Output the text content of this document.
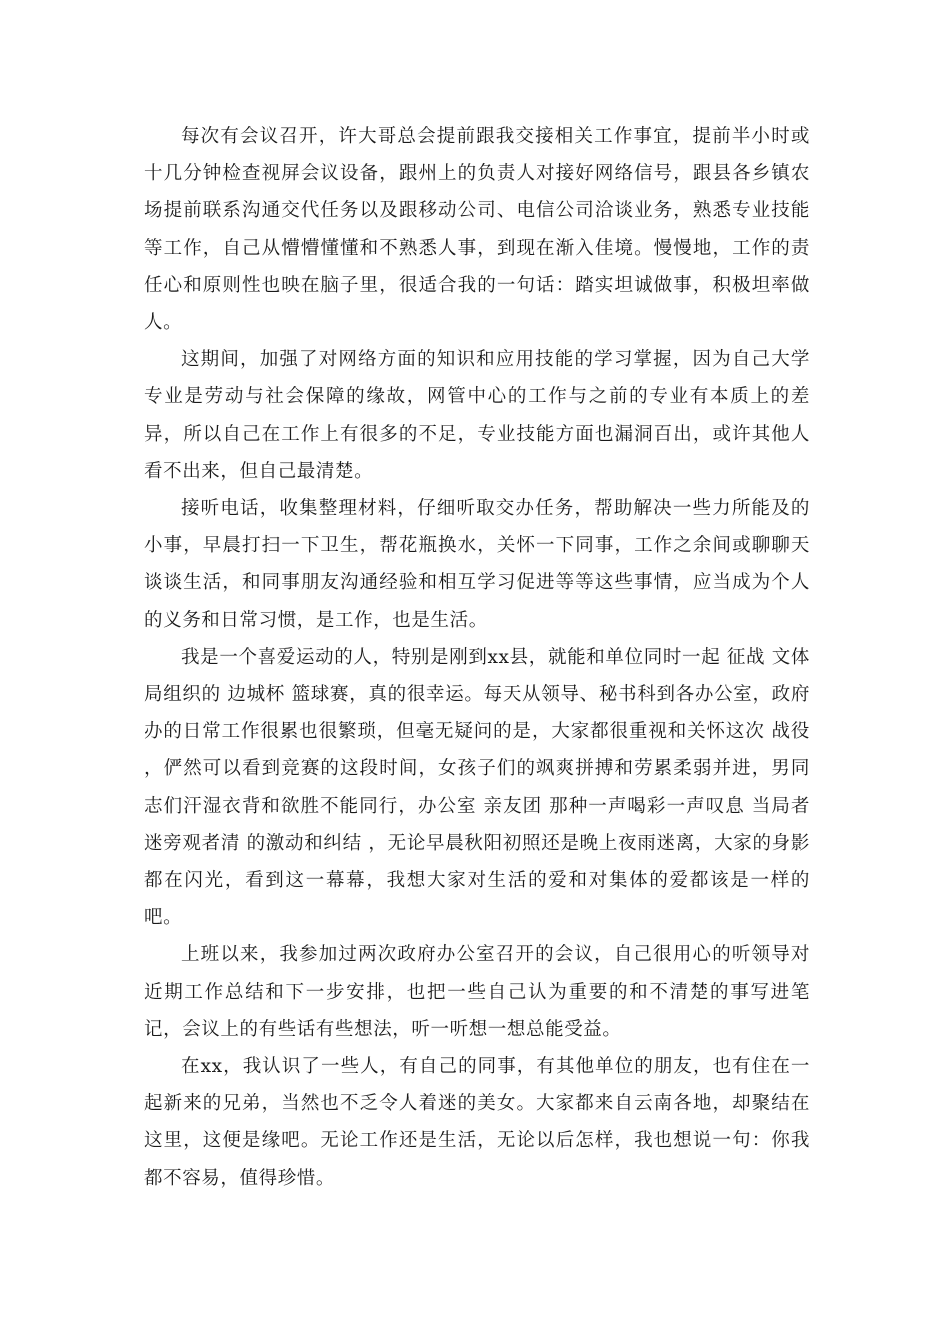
每次有会议召开，许大哥总会提前跟我交接相关工作事宜，提前半小时或十几分钟检查视屏会议设备，跟州上的负责人对接好网络信号，跟县各乡镇农场提前联系沟通交代任务以及跟移动公司、电信公司洽谈业务，熟悉专业技能等工作，自己从懵懵懂懂和不熟悉人事，到现在渐入佳境。慢慢地，工作的责任心和原则性也映在脑子里，很适合我的一句话：踏实坦诚做事，积极坦率做人。

这期间，加强了对网络方面的知识和应用技能的学习掌握，因为自己大学专业是劳动与社会保障的缘故，网管中心的工作与之前的专业有本质上的差异，所以自己在工作上有很多的不足，专业技能方面也漏洞百出，或许其他人看不出来，但自己最清楚。

接听电话，收集整理材料，仔细听取交办任务，帮助解决一些力所能及的小事，早晨打扫一下卫生，帮花瓶换水，关怀一下同事，工作之余间或聊聊天谈谈生活，和同事朋友沟通经验和相互学习促进等等这些事情，应当成为个人的义务和日常习惯，是工作，也是生活。

我是一个喜爱运动的人，特别是刚到xx县，就能和单位同时一起 征战 文体局组织的 边城杯 篮球赛，真的很幸运。每天从领导、秘书科到各办公室，政府办的日常工作很累也很繁琐，但毫无疑问的是，大家都很重视和关怀这次 战役 ，俨然可以看到竞赛的这段时间，女孩子们的飒爽拼搏和劳累柔弱并进，男同志们汗湿衣背和欲胜不能同行，办公室 亲友团 那种一声喝彩一声叹息 当局者迷旁观者清 的激动和纠结 ，无论早晨秋阳初照还是晚上夜雨迷离，大家的身影都在闪光，看到这一幕幕，我想大家对生活的爱和对集体的爱都该是一样的吧。

上班以来，我参加过两次政府办公室召开的会议，自己很用心的听领导对近期工作总结和下一步安排，也把一些自己认为重要的和不清楚的事写进笔记，会议上的有些话有些想法，听一听想一想总能受益。

在xx，我认识了一些人，有自己的同事，有其他单位的朋友，也有住在一起新来的兄弟，当然也不乏令人着迷的美女。大家都来自云南各地，却聚结在这里，这便是缘吧。无论工作还是生活，无论以后怎样，我也想说一句：你我都不容易，值得珍惜。
